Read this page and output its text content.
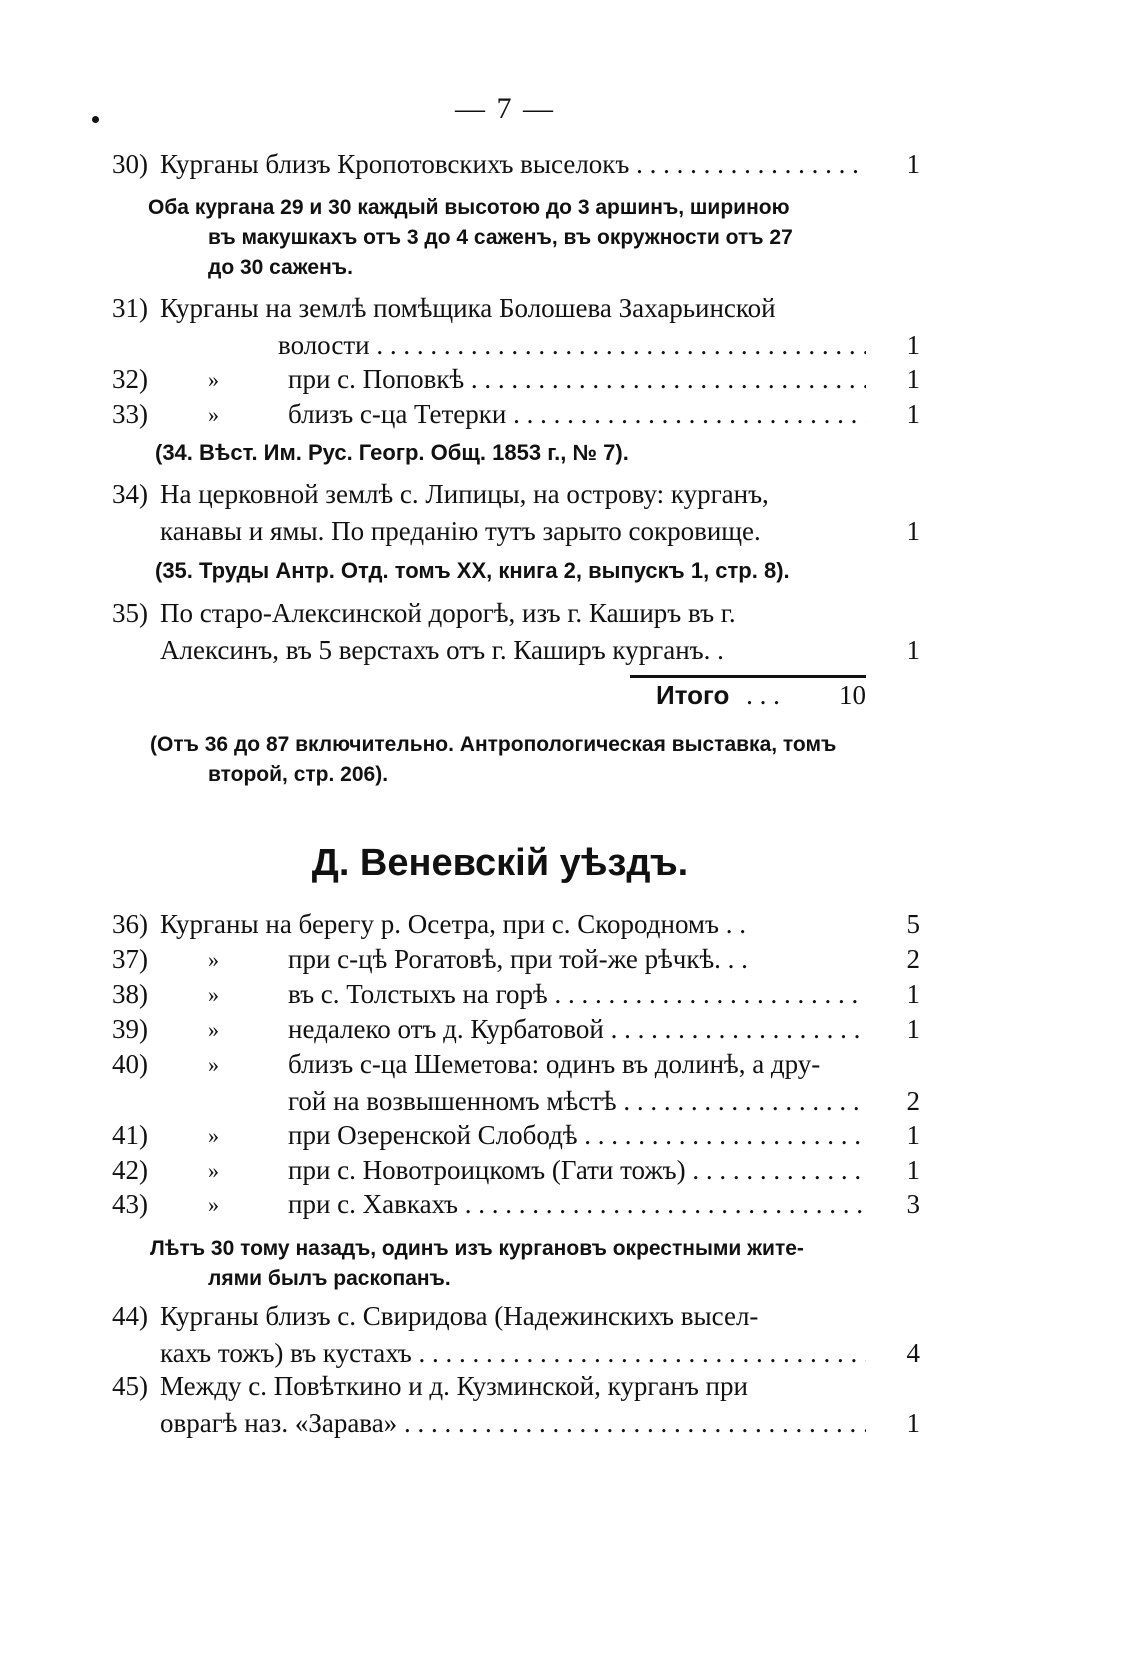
— 7 —
30) Курганы близъ Кропотовскихъ выселокъ . . .	1
Оба кургана 29 и 30 каждый высотою до 3 аршинъ, шириною
въ макушкахъ отъ 3 до 4 саженъ, въ окружности отъ 27
до 30 саженъ.
31) Курганы на землѣ помѣщика Болошева Захарьинской
волости . . .	1
32)	»	при с. Поповкѣ . . .	1
33)	»	близъ с-ца Тетерки . . .	1
(34. Вѣст. Им. Рус. Геогр. Общ. 1853 г., № 7).
34) На церковной землѣ с. Липицы, на острову: курганъ,
канавы и ямы. По преданію тутъ зарыто сокровище.	1
(35. Труды Антр. Отд. томъ XX, книга 2, выпускъ 1, стр. 8).
35) По старо-Алексинской дорогѣ, изъ г. Каширъ въ г.
Алексинъ, въ 5 верстахъ отъ г. Каширъ курганъ. .	1
Итого . . . 10
(Отъ 36 до 87 включительно. Антропологическая выставка, томъ
второй, стр. 206).
Д. Веневскій уѣздъ.
36) Курганы на берегу р. Осетра, при с. Скородномъ . .	5
37)	»	при с-цѣ Рогатовѣ, при той-же рѣчкѣ. . .	2
38)	»	въ с. Толстыхъ на горѣ . . .	1
39)	»	недалеко отъ д. Курбатовой . . .	1
40)	»	близъ с-ца Шеметова: одинъ въ долинѣ, а дру-
гой на возвышенномъ мѣстѣ . . .	2
41)	»	при Озеренской Слободѣ . . .	1
42)	»	при с. Новотроицкомъ (Гати тожъ) . . .	1
43)	»	при с. Хавкахъ . . .	3
Лѣтъ 30 тому назадъ, одинъ изъ кургановъ окрестными жите-
лями былъ раскопанъ.
44) Курганы близъ с. Свиридова (Надежинскихъ высел-
кахъ тожъ) въ кустахъ . . .	4
45) Между с. Повѣткино и д. Кузминской, курганъ при
оврагѣ наз. «Зарава» . . .	1
